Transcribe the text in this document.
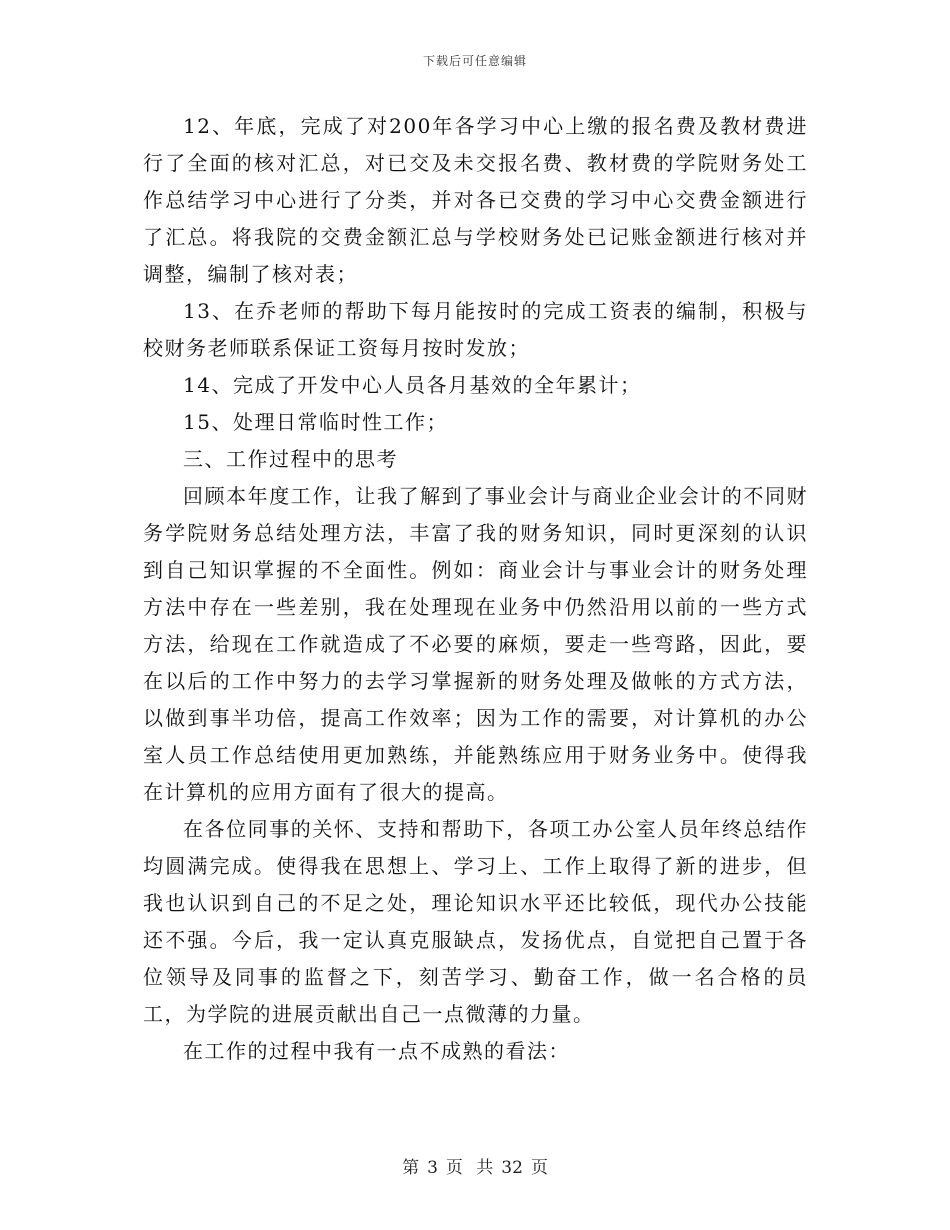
下载后可任意编辑

12、年底，完成了对200年各学习中心上缴的报名费及教材费进行了全面的核对汇总，对已交及未交报名费、教材费的学院财务处工作总结学习中心进行了分类，并对各已交费的学习中心交费金额进行了汇总。将我院的交费金额汇总与学校财务处已记账金额进行核对并调整，编制了核对表；

13、在乔老师的帮助下每月能按时的完成工资表的编制，积极与校财务老师联系保证工资每月按时发放；

14、完成了开发中心人员各月基效的全年累计；

15、处理日常临时性工作；

三、工作过程中的思考

回顾本年度工作，让我了解到了事业会计与商业企业会计的不同财务学院财务总结处理方法，丰富了我的财务知识，同时更深刻的认识到自己知识掌握的不全面性。例如：商业会计与事业会计的财务处理方法中存在一些差别，我在处理现在业务中仍然沿用以前的一些方式方法，给现在工作就造成了不必要的麻烦，要走一些弯路，因此，要在以后的工作中努力的去学习掌握新的财务处理及做帐的方式方法，以做到事半功倍，提高工作效率；因为工作的需要，对计算机的办公室人员工作总结使用更加熟练，并能熟练应用于财务业务中。使得我在计算机的应用方面有了很大的提高。

在各位同事的关怀、支持和帮助下，各项工办公室人员年终总结作均圆满完成。使得我在思想上、学习上、工作上取得了新的进步，但我也认识到自己的不足之处，理论知识水平还比较低，现代办公技能还不强。今后，我一定认真克服缺点，发扬优点，自觉把自己置于各位领导及同事的监督之下，刻苦学习、勤奋工作，做一名合格的员工，为学院的进展贡献出自己一点微薄的力量。

在工作的过程中我有一点不成熟的看法：

第 3 页 共 32 页
